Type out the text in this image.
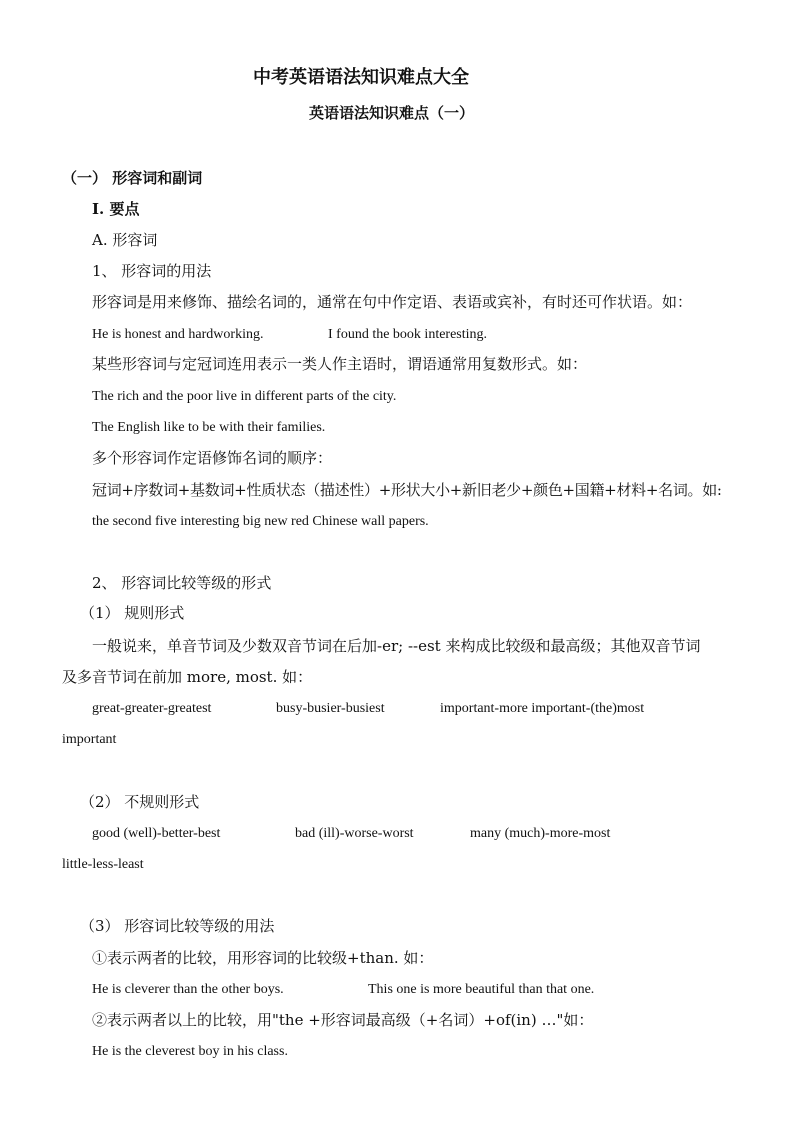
中考英语语法知识难点大全
英语语法知识难点（一）
（一） 形容词和副词
I. 要点
A. 形容词
1、 形容词的用法
形容词是用来修饰、描绘名词的，通常在句中作定语、表语或宾补，有时还可作状语。如：
He is honest and hardworking.	I found the book interesting.
某些形容词与定冠词连用表示一类人作主语时，谓语通常用复数形式。如：
The rich and the poor live in different parts of the city.
The English like to be with their families.
多个形容词作定语修饰名词的顺序：
冠词+序数词+基数词+性质状态（描述性）+形状大小+新旧老少+颜色+国籍+材料+名词。如:
the second five interesting big new red Chinese wall papers.
2、 形容词比较等级的形式
（1） 规则形式
一般说来，单音节词及少数双音节词在后加-er; --est 来构成比较级和最高级；其他双音节词
及多音节词在前加 more, most. 如：
great-greater-greatest	busy-busier-busiest	important-more important-(the)most
important
（2） 不规则形式
good (well)-better-best	bad (ill)-worse-worst	many (much)-more-most
little-less-least
（3） 形容词比较等级的用法
①表示两者的比较，用形容词的比较级+than. 如：
He is cleverer than the other boys.	This one is more beautiful than that one.
②表示两者以上的比较，用"the +形容词最高级（+名词）+of(in) …"如：
He is the cleverest boy in his class.
